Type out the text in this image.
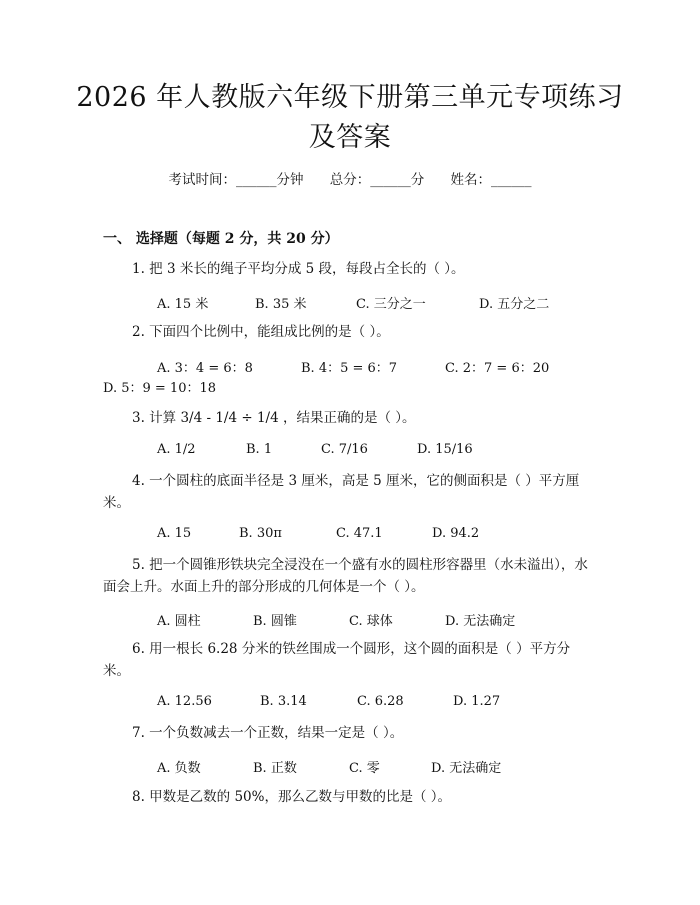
2026 年人教版六年级下册第三单元专项练习
及答案
考试时间：______分钟 总分：______分 姓名：______
一、 选择题（每题 2 分，共 20 分）
1. 把 3 米长的绳子平均分成 5 段，每段占全长的（ ）。
A. 15 米	B. 35 米	C. 三分之一	D. 五分之二
2. 下面四个比例中，能组成比例的是（ ）。
A. 3：4 = 6：8	B. 4：5 = 6：7	C. 2：7 = 6：20
D. 5：9 = 10：18
3. 计算 3/4 - 1/4 ÷ 1/4 ，结果正确的是（ ）。
A. 1/2	B. 1	C. 7/16	D. 15/16
4. 一个圆柱的底面半径是 3 厘米，高是 5 厘米，它的侧面积是（ ）平方厘米。
A. 15	B. 30π	C. 47.1	D. 94.2
5. 把一个圆锥形铁块完全浸没在一个盛有水的圆柱形容器里（水未溢出），水面会上升。水面上升的部分形成的几何体是一个（ ）。
A. 圆柱	B. 圆锥	C. 球体	D. 无法确定
6. 用一根长 6.28 分米的铁丝围成一个圆形，这个圆的面积是（ ）平方分米。
A. 12.56	B. 3.14	C. 6.28	D. 1.27
7. 一个负数减去一个正数，结果一定是（ ）。
A. 负数	B. 正数	C. 零	D. 无法确定
8. 甲数是乙数的 50%，那么乙数与甲数的比是（ ）。
